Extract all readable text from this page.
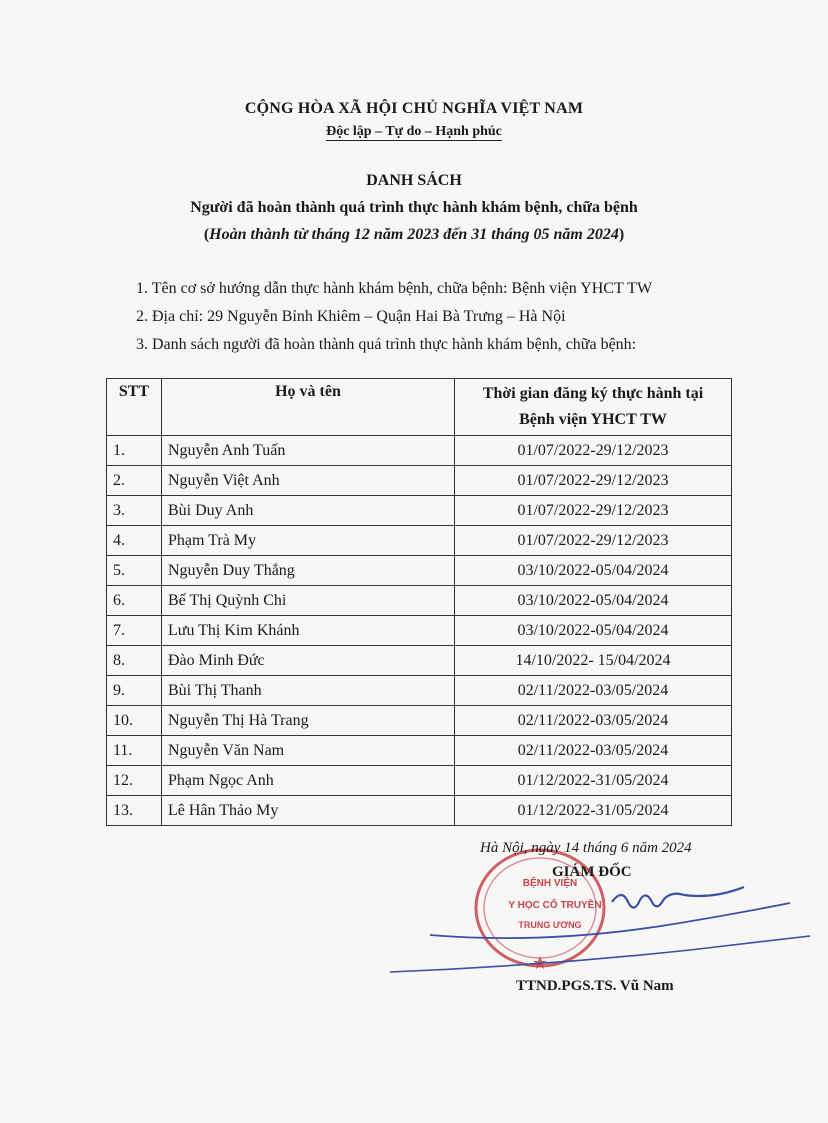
CỘNG HÒA XÃ HỘI CHỦ NGHĨA VIỆT NAM
Độc lập – Tự do – Hạnh phúc
DANH SÁCH
Người đã hoàn thành quá trình thực hành khám bệnh, chữa bệnh
(Hoàn thành từ tháng 12 năm 2023 đến 31 tháng 05 năm 2024)
1. Tên cơ sở hướng dẫn thực hành khám bệnh, chữa bệnh: Bệnh viện YHCT TW
2. Địa chỉ: 29 Nguyễn Bỉnh Khiêm – Quận Hai Bà Trưng – Hà Nội
3. Danh sách người đã hoàn thành quá trình thực hành khám bệnh, chữa bệnh:
STT	Họ và tên	Thời gian đăng ký thực hành tại
Bệnh viện YHCT TW

1.	Nguyễn Anh Tuấn	01/07/2022-29/12/2023
2.	Nguyễn Việt Anh	01/07/2022-29/12/2023
3.	Bùi Duy Anh	01/07/2022-29/12/2023
4.	Phạm Trà My	01/07/2022-29/12/2023
5.	Nguyễn Duy Thắng	03/10/2022-05/04/2024
6.	Bế Thị Quỳnh Chi	03/10/2022-05/04/2024
7.	Lưu Thị Kim Khánh	03/10/2022-05/04/2024
8.	Đào Minh Đức	14/10/2022- 15/04/2024
9.	Bùi Thị Thanh	02/11/2022-03/05/2024
10.	Nguyễn Thị Hà Trang	02/11/2022-03/05/2024
11.	Nguyễn Văn Nam	02/11/2022-03/05/2024
12.	Phạm Ngọc Anh	01/12/2022-31/05/2024
13.	Lê Hân Thảo My	01/12/2022-31/05/2024
BỆNH VIỆN
Y HỌC CỔ TRUYỀN
TRUNG ƯƠNG
Hà Nội, ngày 14 tháng 6 năm 2024
GIÁM ĐỐC
TTND.PGS.TS. Vũ Nam
